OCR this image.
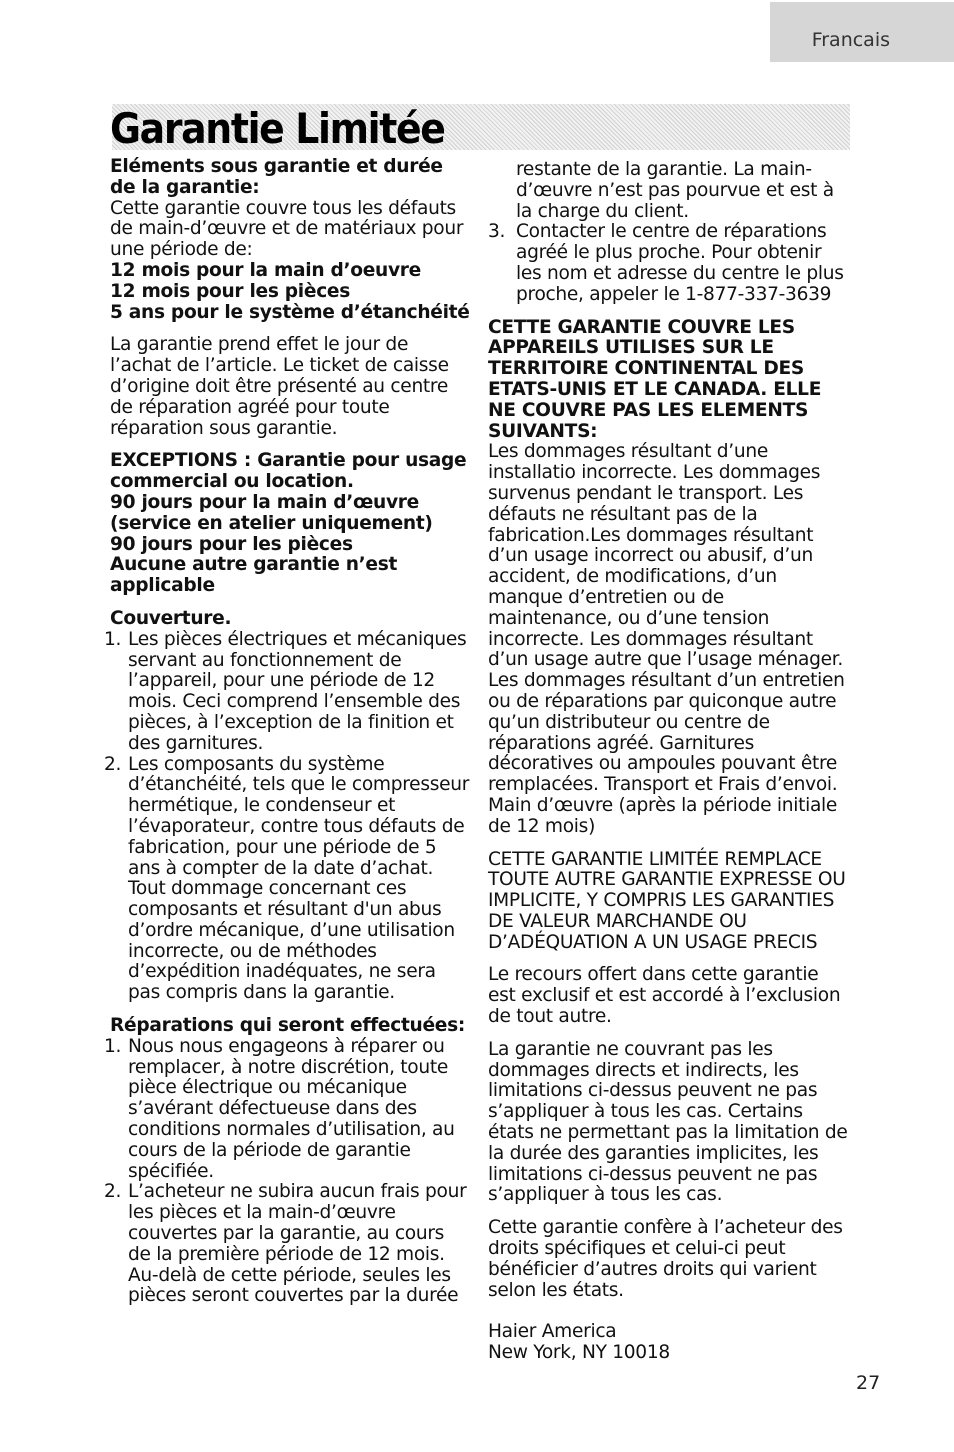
Francais
Garantie Limitée

Eléments sous garantie et durée de la garantie:

Cette garantie couvre tous les défauts de main-d’œuvre et de matériaux pour une période de:

12 mois pour la main d’oeuvre

12 mois pour les pièces

5 ans pour le système d’étanchéité

La garantie prend effet le jour de l’achat de l’article. Le ticket de caisse d’origine doit être présenté au centre de réparation agréé pour toute réparation sous garantie.

EXCEPTIONS : Garantie pour usage commercial ou location.

90 jours pour la main d’œuvre (service en atelier uniquement)

90 jours pour les pièces

Aucune autre garantie n’est applicable

Couverture.

1. Les pièces électriques et mécaniques servant au fonctionnement de l’appareil, pour une période de 12 mois. Ceci comprend l’ensemble des pièces, à l’exception de la finition et des garnitures.
2. Les composants du système d’étanchéité, tels que le compresseur hermétique, le condenseur et l’évaporateur, contre tous défauts de fabrication, pour une période de 5 ans à compter de la date d’achat. Tout dommage concernant ces composants et résultant d'un abus d’ordre mécanique, d’une utilisation incorrecte, ou de méthodes d’expédition inadéquates, ne sera pas compris dans la garantie.

Réparations qui seront effectuées:

1. Nous nous engageons à réparer ou remplacer, à notre discrétion, toute pièce électrique ou mécanique s’avérant défectueuse dans des conditions normales d’utilisation, au cours de la période de garantie spécifiée.
2. L’acheteur ne subira aucun frais pour les pièces et la main-d’œuvre couvertes par la garantie, au cours de la première période de 12 mois. Au-delà de cette période, seules les pièces seront couvertes par la durée

restante de la garantie. La main-d’œuvre n’est pas pourvue et est à la charge du client.

3. Contacter le centre de réparations agréé le plus proche. Pour obtenir les nom et adresse du centre le plus proche, appeler le 1-877-337-3639

CETTE GARANTIE COUVRE LES APPAREILS UTILISES SUR LE TERRITOIRE CONTINENTAL DES ETATS-UNIS ET LE CANADA. ELLE NE COUVRE PAS LES ELEMENTS SUIVANTS:

Les dommages résultant d’une installatio incorrecte. Les dommages survenus pendant le transport. Les défauts ne résultant pas de la fabrication.Les dommages résultant d’un usage incorrect ou abusif, d’un accident, de modifications, d’un manque d’entretien ou de maintenance, ou d’une tension incorrecte. Les dommages résultant d’un usage autre que l’usage ménager. Les dommages résultant d’un entretien ou de réparations par quiconque autre qu’un distributeur ou centre de réparations agréé. Garnitures décoratives ou ampoules pouvant être remplacées. Transport et Frais d’envoi. Main d’œuvre (après la période initiale de 12 mois)

CETTE GARANTIE LIMITÉE REMPLACE TOUTE AUTRE GARANTIE EXPRESSE OU IMPLICITE, Y COMPRIS LES GARANTIES DE VALEUR MARCHANDE OU D’ADÉQUATION A UN USAGE PRECIS

Le recours offert dans cette garantie est exclusif et est accordé à l’exclusion de tout autre.

La garantie ne couvrant pas les dommages directs et indirects, les limitations ci-dessus peuvent ne pas s’appliquer à tous les cas. Certains états ne permettant pas la limitation de la durée des garanties implicites, les limitations ci-dessus peuvent ne pas s’appliquer à tous les cas.

Cette garantie confère à l’acheteur des droits spécifiques et celui-ci peut bénéficier d’autres droits qui varient selon les états.

Haier America

New York, NY 10018

27
